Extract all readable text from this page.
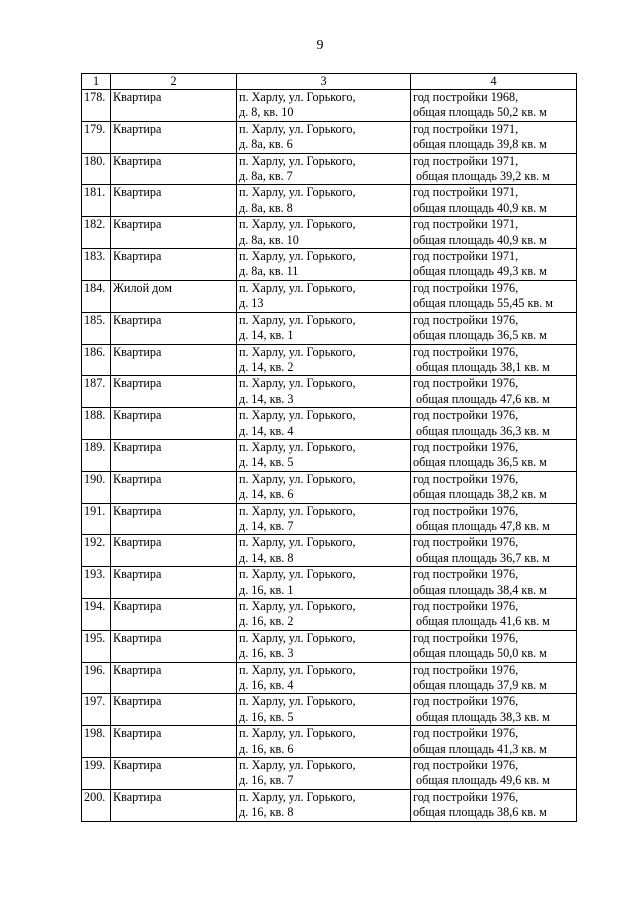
9
1	2	3	4
178.	Квартира	п. Харлу, ул. Горького,
д. 8, кв. 10	год постройки 1968,
общая площадь 50,2 кв. м

179.	Квартира	п. Харлу, ул. Горького,
д. 8а, кв. 6	год постройки 1971,
общая площадь 39,8 кв. м

180.	Квартира	п. Харлу, ул. Горького,
д. 8а, кв. 7	год постройки 1971,
общая площадь 39,2 кв. м

181.	Квартира	п. Харлу, ул. Горького,
д. 8а, кв. 8	год постройки 1971,
общая площадь 40,9 кв. м

182.	Квартира	п. Харлу, ул. Горького,
д. 8а, кв. 10	год постройки 1971,
общая площадь 40,9 кв. м

183.	Квартира	п. Харлу, ул. Горького,
д. 8а, кв. 11	год постройки 1971,
общая площадь 49,3 кв. м

184.	Жилой дом	п. Харлу, ул. Горького,
д. 13	год постройки 1976,
общая площадь 55,45 кв. м

185.	Квартира	п. Харлу, ул. Горького,
д. 14, кв. 1	год постройки 1976,
общая площадь 36,5 кв. м

186.	Квартира	п. Харлу, ул. Горького,
д. 14, кв. 2	год постройки 1976,
общая площадь 38,1 кв. м

187.	Квартира	п. Харлу, ул. Горького,
д. 14, кв. 3	год постройки 1976,
общая площадь 47,6 кв. м

188.	Квартира	п. Харлу, ул. Горького,
д. 14, кв. 4	год постройки 1976,
общая площадь 36,3 кв. м

189.	Квартира	п. Харлу, ул. Горького,
д. 14, кв. 5	год постройки 1976,
общая площадь 36,5 кв. м

190.	Квартира	п. Харлу, ул. Горького,
д. 14, кв. 6	год постройки 1976,
общая площадь 38,2 кв. м

191.	Квартира	п. Харлу, ул. Горького,
д. 14, кв. 7	год постройки 1976,
общая площадь 47,8 кв. м

192.	Квартира	п. Харлу, ул. Горького,
д. 14, кв. 8	год постройки 1976,
общая площадь 36,7 кв. м

193.	Квартира	п. Харлу, ул. Горького,
д. 16, кв. 1	год постройки 1976,
общая площадь 38,4 кв. м

194.	Квартира	п. Харлу, ул. Горького,
д. 16, кв. 2	год постройки 1976,
общая площадь 41,6 кв. м

195.	Квартира	п. Харлу, ул. Горького,
д. 16, кв. 3	год постройки 1976,
общая площадь 50,0 кв. м

196.	Квартира	п. Харлу, ул. Горького,
д. 16, кв. 4	год постройки 1976,
общая площадь 37,9 кв. м

197.	Квартира	п. Харлу, ул. Горького,
д. 16, кв. 5	год постройки 1976,
общая площадь 38,3 кв. м

198.	Квартира	п. Харлу, ул. Горького,
д. 16, кв. 6	год постройки 1976,
общая площадь 41,3 кв. м

199.	Квартира	п. Харлу, ул. Горького,
д. 16, кв. 7	год постройки 1976,
общая площадь 49,6 кв. м

200.	Квартира	п. Харлу, ул. Горького,
д. 16, кв. 8	год постройки 1976,
общая площадь 38,6 кв. м
